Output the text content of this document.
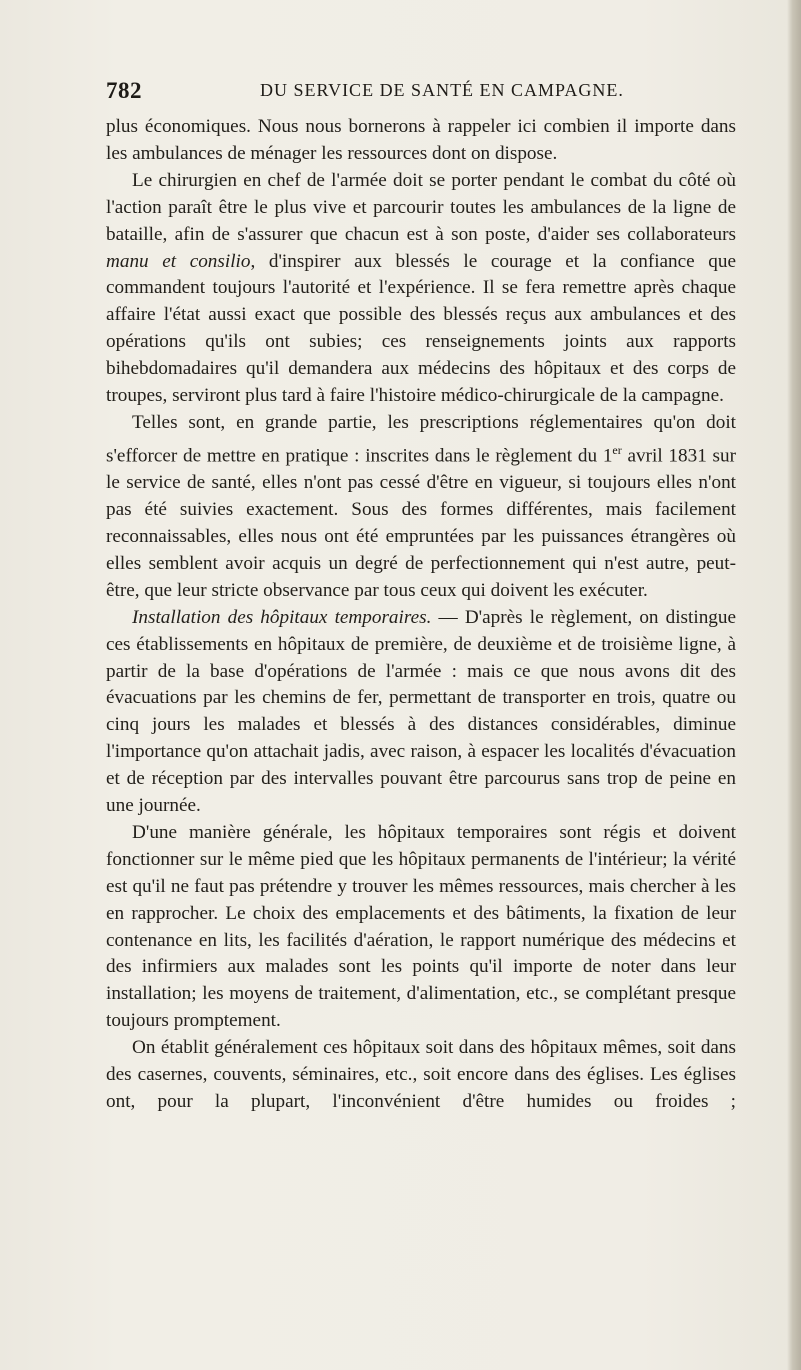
782	DU SERVICE DE SANTÉ EN CAMPAGNE.

plus économiques. Nous nous bornerons à rappeler ici combien il importe dans les ambulances de ménager les ressources dont on dispose.

Le chirurgien en chef de l'armée doit se porter pendant le combat du côté où l'action paraît être le plus vive et parcourir toutes les ambulances de la ligne de bataille, afin de s'assurer que chacun est à son poste, d'aider ses collaborateurs manu et consilio, d'inspirer aux blessés le courage et la confiance que commandent toujours l'autorité et l'expérience. Il se fera remettre après chaque affaire l'état aussi exact que possible des blessés reçus aux ambulances et des opérations qu'ils ont subies; ces renseignements joints aux rapports bihebdomadaires qu'il demandera aux médecins des hôpitaux et des corps de troupes, serviront plus tard à faire l'histoire médico-chirurgicale de la campagne.

Telles sont, en grande partie, les prescriptions réglementaires qu'on doit s'efforcer de mettre en pratique : inscrites dans le règlement du 1er avril 1831 sur le service de santé, elles n'ont pas cessé d'être en vigueur, si toujours elles n'ont pas été suivies exactement. Sous des formes différentes, mais facilement reconnaissables, elles nous ont été empruntées par les puissances étrangères où elles semblent avoir acquis un degré de perfectionnement qui n'est autre, peut-être, que leur stricte observance par tous ceux qui doivent les exécuter.

Installation des hôpitaux temporaires. — D'après le règlement, on distingue ces établissements en hôpitaux de première, de deuxième et de troisième ligne, à partir de la base d'opérations de l'armée : mais ce que nous avons dit des évacuations par les chemins de fer, permettant de transporter en trois, quatre ou cinq jours les malades et blessés à des distances considérables, diminue l'importance qu'on attachait jadis, avec raison, à espacer les localités d'évacuation et de réception par des intervalles pouvant être parcourus sans trop de peine en une journée.

D'une manière générale, les hôpitaux temporaires sont régis et doivent fonctionner sur le même pied que les hôpitaux permanents de l'intérieur; la vérité est qu'il ne faut pas prétendre y trouver les mêmes ressources, mais chercher à les en rapprocher. Le choix des emplacements et des bâtiments, la fixation de leur contenance en lits, les facilités d'aération, le rapport numérique des médecins et des infirmiers aux malades sont les points qu'il importe de noter dans leur installation; les moyens de traitement, d'alimentation, etc., se complétant presque toujours promptement.

On établit généralement ces hôpitaux soit dans des hôpitaux mêmes, soit dans des casernes, couvents, séminaires, etc., soit encore dans des églises. Les églises ont, pour la plupart, l'inconvénient d'être humides ou froides ;
